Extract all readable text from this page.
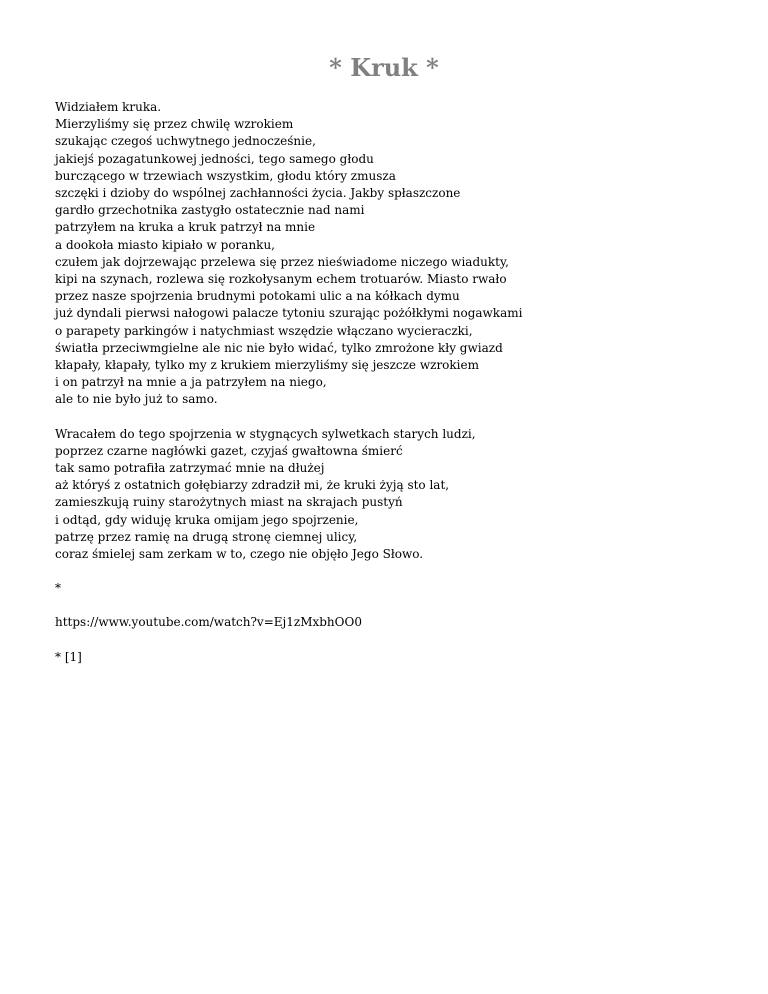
* Kruk *
Widziałem kruka.
Mierzyliśmy się przez chwilę wzrokiem
szukając czegoś uchwytnego jednocześnie,
jakiejś pozagatunkowej jedności, tego samego głodu
burczącego w trzewiach wszystkim, głodu który zmusza
szczęki i dzioby do wspólnej zachłanności życia. Jakby spłaszczone
gardło grzechotnika zastygło ostatecznie nad nami
patrzyłem na kruka a kruk patrzył na mnie
a dookoła miasto kipiało w poranku,
czułem jak dojrzewając przelewa się przez nieświadome niczego wiadukty,
kipi na szynach, rozlewa się rozkołysanym echem trotuarów. Miasto rwało
przez nasze spojrzenia brudnymi potokami ulic a na kółkach dymu
już dyndali pierwsi nałogowi palacze tytoniu szurając pożółkłymi nogawkami
o parapety parkingów i natychmiast wszędzie włączano wycieraczki,
światła przeciwmgielne ale nic nie było widać, tylko zmrożone kły gwiazd
kłapały, kłapały, tylko my z krukiem mierzyliśmy się jeszcze wzrokiem
i on patrzył na mnie a ja patrzyłem na niego,
ale to nie było już to samo.
Wracałem do tego spojrzenia w stygnących sylwetkach starych ludzi,
poprzez czarne nagłówki gazet, czyjaś gwałtowna śmierć
tak samo potrafiła zatrzymać mnie na dłużej
aż któryś z ostatnich gołębiarzy zdradził mi, że kruki żyją sto lat,
zamieszkują ruiny starożytnych miast na skrajach pustyń
i odtąd, gdy widuję kruka omijam jego spojrzenie,
patrzę przez ramię na drugą stronę ciemnej ulicy,
coraz śmielej sam zerkam w to, czego nie objęło Jego Słowo.
*
https://www.youtube.com/watch?v=Ej1zMxbhOO0
* [1]
